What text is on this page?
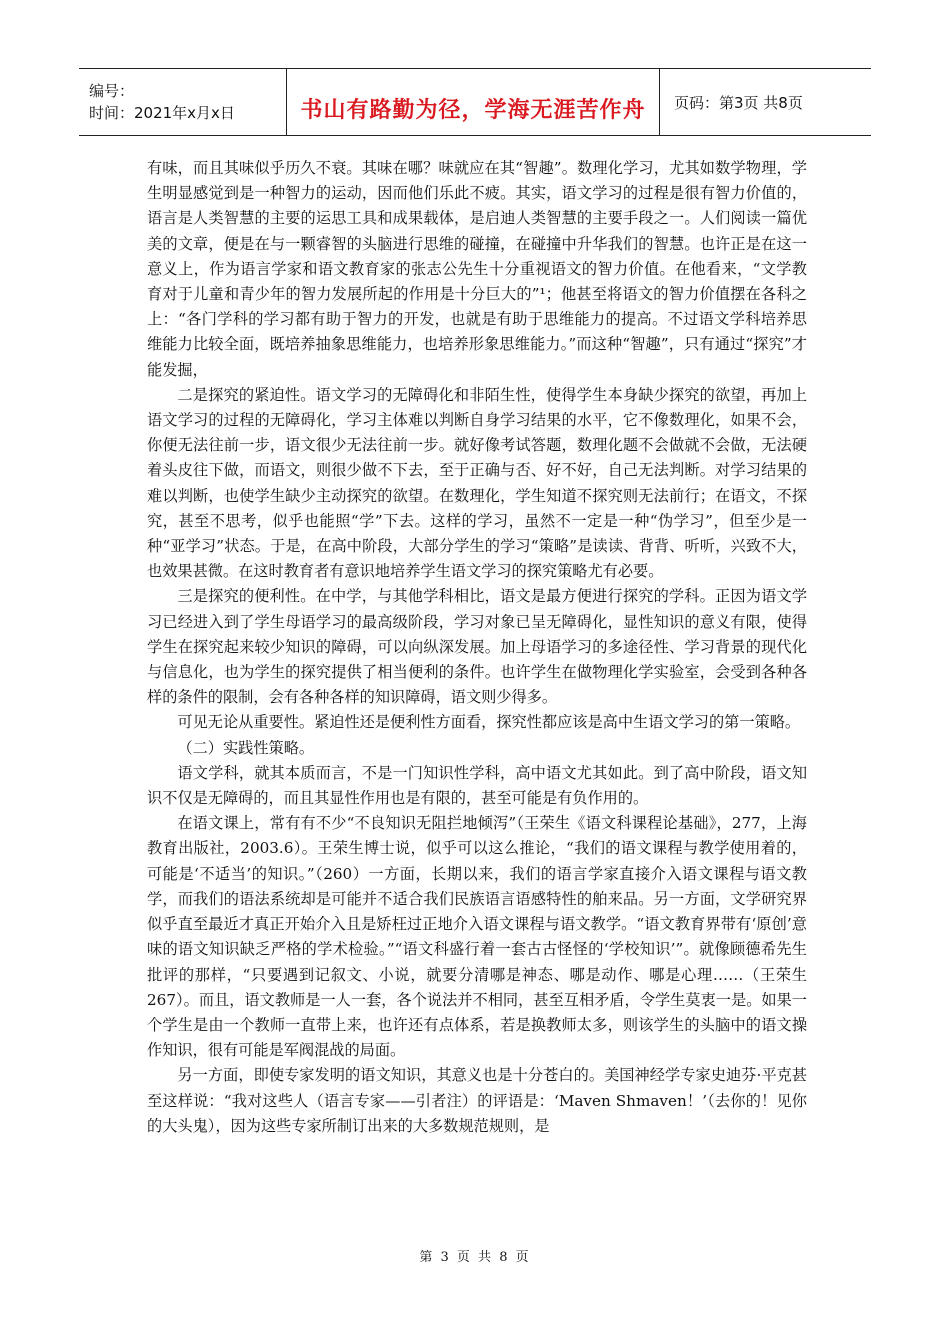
编号：
时间：2021年x月x日	书山有路勤为径，学海无涯苦作舟 页码：第3页 共8页

有味，而且其味似乎历久不衰。其味在哪？味就应在其“智趣”。数理化学习，尤其如数学物理，学生明显感觉到是一种智力的运动，因而他们乐此不疲。其实，语文学习的过程是很有智力价值的，语言是人类智慧的主要的运思工具和成果载体，是启迪人类智慧的主要手段之一。人们阅读一篇优美的文章，便是在与一颗睿智的头脑进行思维的碰撞，在碰撞中升华我们的智慧。也许正是在这一意义上，作为语言学家和语文教育家的张志公先生十分重视语文的智力价值。在他看来，“文学教育对于儿童和青少年的智力发展所起的作用是十分巨大的”¹；他甚至将语文的智力价值摆在各科之上：“各门学科的学习都有助于智力的开发，也就是有助于思维能力的提高。不过语文学科培养思维能力比较全面，既培养抽象思维能力，也培养形象思维能力。”而这种“智趣”，只有通过“探究”才能发掘，

二是探究的紧迫性。语文学习的无障碍化和非陌生性，使得学生本身缺少探究的欲望，再加上语文学习的过程的无障碍化，学习主体难以判断自身学习结果的水平，它不像数理化，如果不会，你便无法往前一步，语文很少无法往前一步。就好像考试答题，数理化题不会做就不会做，无法硬着头皮往下做，而语文，则很少做不下去，至于正确与否、好不好，自己无法判断。对学习结果的难以判断，也使学生缺少主动探究的欲望。在数理化，学生知道不探究则无法前行；在语文，不探究，甚至不思考，似乎也能照“学”下去。这样的学习，虽然不一定是一种“伪学习”，但至少是一种“亚学习”状态。于是，在高中阶段，大部分学生的学习“策略”是读读、背背、听听，兴致不大，也效果甚微。在这时教育者有意识地培养学生语文学习的探究策略尤有必要。

三是探究的便利性。在中学，与其他学科相比，语文是最方便进行探究的学科。正因为语文学习已经进入到了学生母语学习的最高级阶段，学习对象已呈无障碍化，显性知识的意义有限，使得学生在探究起来较少知识的障碍，可以向纵深发展。加上母语学习的多途径性、学习背景的现代化与信息化，也为学生的探究提供了相当便利的条件。也许学生在做物理化学实验室，会受到各种各样的条件的限制，会有各种各样的知识障碍，语文则少得多。

可见无论从重要性。紧迫性还是便利性方面看，探究性都应该是高中生语文学习的第一策略。

（二）实践性策略。

语文学科，就其本质而言，不是一门知识性学科，高中语文尤其如此。到了高中阶段，语文知识不仅是无障碍的，而且其显性作用也是有限的，甚至可能是有负作用的。

在语文课上，常有有不少“不良知识无阻拦地倾泻”（王荣生《语文科课程论基础》，277，上海教育出版社，2003.6）。王荣生博士说，似乎可以这么推论，“我们的语文课程与教学使用着的，可能是‘不适当’的知识。”（260）一方面，长期以来，我们的语言学家直接介入语文课程与语文教学，而我们的语法系统却是可能并不适合我们民族语言语感特性的舶来品。另一方面，文学研究界似乎直至最近才真正开始介入且是矫枉过正地介入语文课程与语文教学。“语文教育界带有‘原创’意味的语文知识缺乏严格的学术检验。”“语文科盛行着一套古古怪怪的‘学校知识’”。就像顾德希先生批评的那样，“只要遇到记叙文、小说，就要分清哪是神态、哪是动作、哪是心理……（王荣生267）。而且，语文教师是一人一套，各个说法并不相同，甚至互相矛盾，令学生莫衷一是。如果一个学生是由一个教师一直带上来，也许还有点体系，若是换教师太多，则该学生的头脑中的语文操作知识，很有可能是军阀混战的局面。

另一方面，即使专家发明的语文知识，其意义也是十分苍白的。美国神经学专家史迪芬·平克甚至这样说：“我对这些人（语言专家——引者注）的评语是：‘Maven Shmaven！’（去你的！见你的大头鬼），因为这些专家所制订出来的大多数规范规则，是

第 3 页 共 8 页
